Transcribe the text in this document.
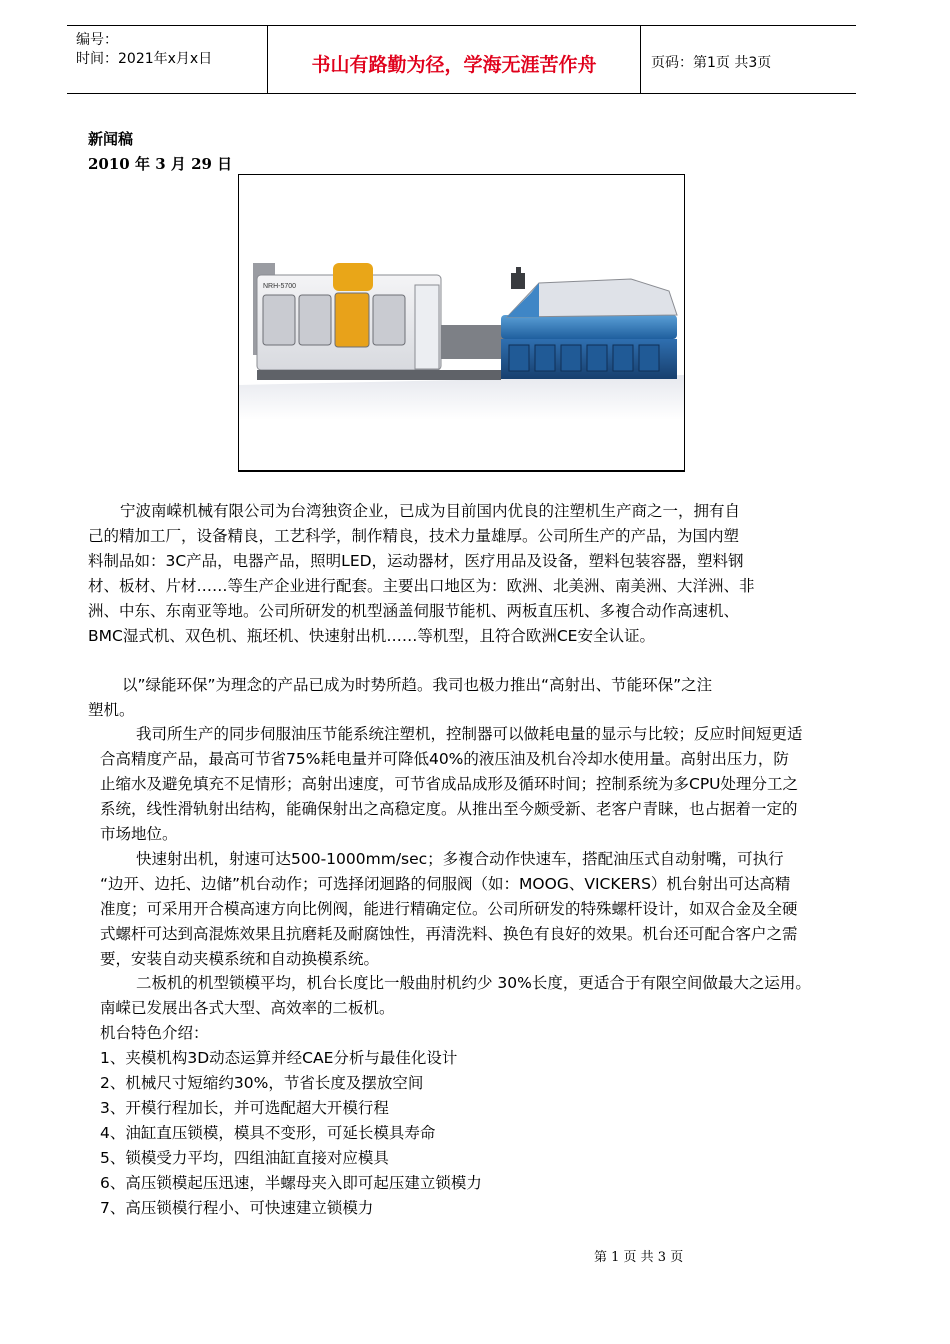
编号：
时间：2021年x月x日	书山有路勤为径，学海无涯苦作舟	页码：第1页 共3页
新闻稿
2010 年 3 月 29 日
NRH-5700
宁波南嵘机械有限公司为台湾独资企业，已成为目前国内优良的注塑机生产商之一，拥有自
己的精加工厂，设备精良，工艺科学，制作精良，技术力量雄厚。公司所生产的产品，为国内塑
料制品如：3C产品，电器产品，照明LED，运动器材，医疗用品及设备，塑料包装容器，塑料钢
材、板材、片材……等生产企业进行配套。主要出口地区为：欧洲、北美洲、南美洲、大洋洲、非
洲、中东、东南亚等地。公司所研发的机型涵盖伺服节能机、两板直压机、多複合动作高速机、
BMC湿式机、双色机、瓶坯机、快速射出机……等机型，且符合欧洲CE安全认证。
以”绿能环保”为理念的产品已成为时势所趋。我司也极力推出“高射出、节能环保”之注
塑机。
我司所生产的同步伺服油压节能系统注塑机，控制器可以做耗电量的显示与比较；反应时间短更适
合高精度产品，最高可节省75%耗电量并可降低40%的液压油及机台冷却水使用量。高射出压力，防
止缩水及避免填充不足情形；高射出速度，可节省成品成形及循环时间；控制系统为多CPU处理分工之
系统，线性滑轨射出结构，能确保射出之高稳定度。从推出至今颇受新、老客户青睐，也占据着一定的
市场地位。
快速射出机，射速可达500-1000mm/sec；多複合动作快速车，搭配油压式自动射嘴，可执行
“边开、边托、边储”机台动作；可选择闭迴路的伺服阀（如：MOOG、VICKERS）机台射出可达高精
准度；可采用开合模高速方向比例阀，能进行精确定位。公司所研发的特殊螺杆设计，如双合金及全硬
式螺杆可达到高混炼效果且抗磨耗及耐腐蚀性，再清洗料、换色有良好的效果。机台还可配合客户之需
要，安装自动夹模系统和自动换模系统。
二板机的机型锁模平均，机台长度比一般曲肘机约少 30%长度，更适合于有限空间做最大之运用。
南嵘已发展出各式大型、高效率的二板机。
机台特色介绍：
1、夹模机构3D动态运算并经CAE分析与最佳化设计
2、机械尺寸短缩约30%，节省长度及摆放空间
3、开模行程加长，并可选配超大开模行程
4、油缸直压锁模，模具不变形，可延长模具寿命
5、锁模受力平均，四组油缸直接对应模具
6、高压锁模起压迅速，半螺母夹入即可起压建立锁模力
7、高压锁模行程小、可快速建立锁模力
第 1 页 共 3 页
